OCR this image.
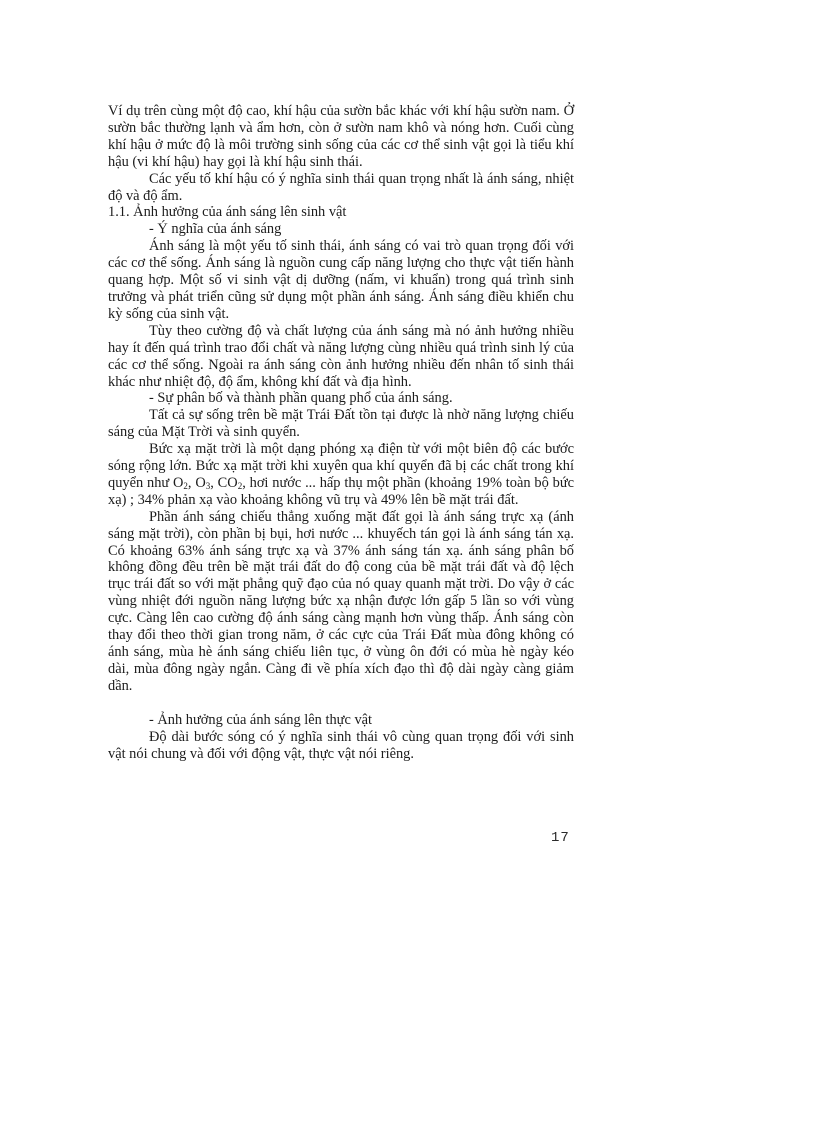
Ví dụ trên cùng một độ cao, khí hậu của sườn bắc khác với khí hậu sườn nam. Ở sườn bắc thường lạnh và ẩm hơn, còn ở sườn nam khô và nóng hơn. Cuối cùng khí hậu ở mức độ là môi trường sinh sống của các cơ thể sinh vật gọi là tiểu khí hậu (vi khí hậu) hay gọi là khí hậu sinh thái.

Các yếu tố khí hậu có ý nghĩa sinh thái quan trọng nhất là ánh sáng, nhiệt độ và độ ẩm.

1.1. Ảnh hưởng của ánh sáng lên sinh vật

- Ý nghĩa của ánh sáng

Ánh sáng là một yếu tố sinh thái, ánh sáng có vai trò quan trọng đối với các cơ thể sống. Ánh sáng là nguồn cung cấp năng lượng cho thực vật tiến hành quang hợp. Một số vi sinh vật dị dưỡng (nấm, vi khuẩn) trong quá trình sinh trưởng và phát triển cũng sử dụng một phần ánh sáng. Ánh sáng điều khiển chu kỳ sống của sinh vật.

Tùy theo cường độ và chất lượng của ánh sáng mà nó ảnh hưởng nhiều hay ít đến quá trình trao đổi chất và năng lượng cùng nhiều quá trình sinh lý của các cơ thể sống. Ngoài ra ánh sáng còn ảnh hưởng nhiều đến nhân tố sinh thái khác như nhiệt độ, độ ẩm, không khí đất và địa hình.

- Sự phân bố và thành phần quang phổ của ánh sáng.

Tất cả sự sống trên bề mặt Trái Đất tồn tại được là nhờ năng lượng chiếu sáng của Mặt Trời và sinh quyển.

Bức xạ mặt trời là một dạng phóng xạ điện từ với một biên độ các bước sóng rộng lớn. Bức xạ mặt trời khi xuyên qua khí quyển đã bị các chất trong khí quyển như $O_2$, $O_3$, $CO_2$, hơi nước ... hấp thụ một phần (khoảng 19% toàn bộ bức xạ) ; 34% phản xạ vào khoảng không vũ trụ và 49% lên bề mặt trái đất.

Phần ánh sáng chiếu thẳng xuống mặt đất gọi là ánh sáng trực xạ (ánh sáng mặt trời), còn phần bị bụi, hơi nước ... khuyếch tán gọi là ánh sáng tán xạ. Có khoảng 63% ánh sáng trực xạ và 37% ánh sáng tán xạ. ánh sáng phân bố không đồng đều trên bề mặt trái đất do độ cong của bề mặt trái đất và độ lệch trục trái đất so với mặt phẳng quỹ đạo của nó quay quanh mặt trời. Do vậy ở các vùng nhiệt đới nguồn năng lượng bức xạ nhận được lớn gấp 5 lần so với vùng cực. Càng lên cao cường độ ánh sáng càng mạnh hơn vùng thấp. Ánh sáng còn thay đổi theo thời gian trong năm, ở các cực của Trái Đất mùa đông không có ánh sáng, mùa hè ánh sáng chiếu liên tục, ở vùng ôn đới có mùa hè ngày kéo dài, mùa đông ngày ngắn. Càng đi về phía xích đạo thì độ dài ngày càng giảm dần.

- Ảnh hưởng của ánh sáng lên thực vật

Độ dài bước sóng có ý nghĩa sinh thái vô cùng quan trọng đối với sinh vật nói chung và đối với động vật, thực vật nói riêng.

17
